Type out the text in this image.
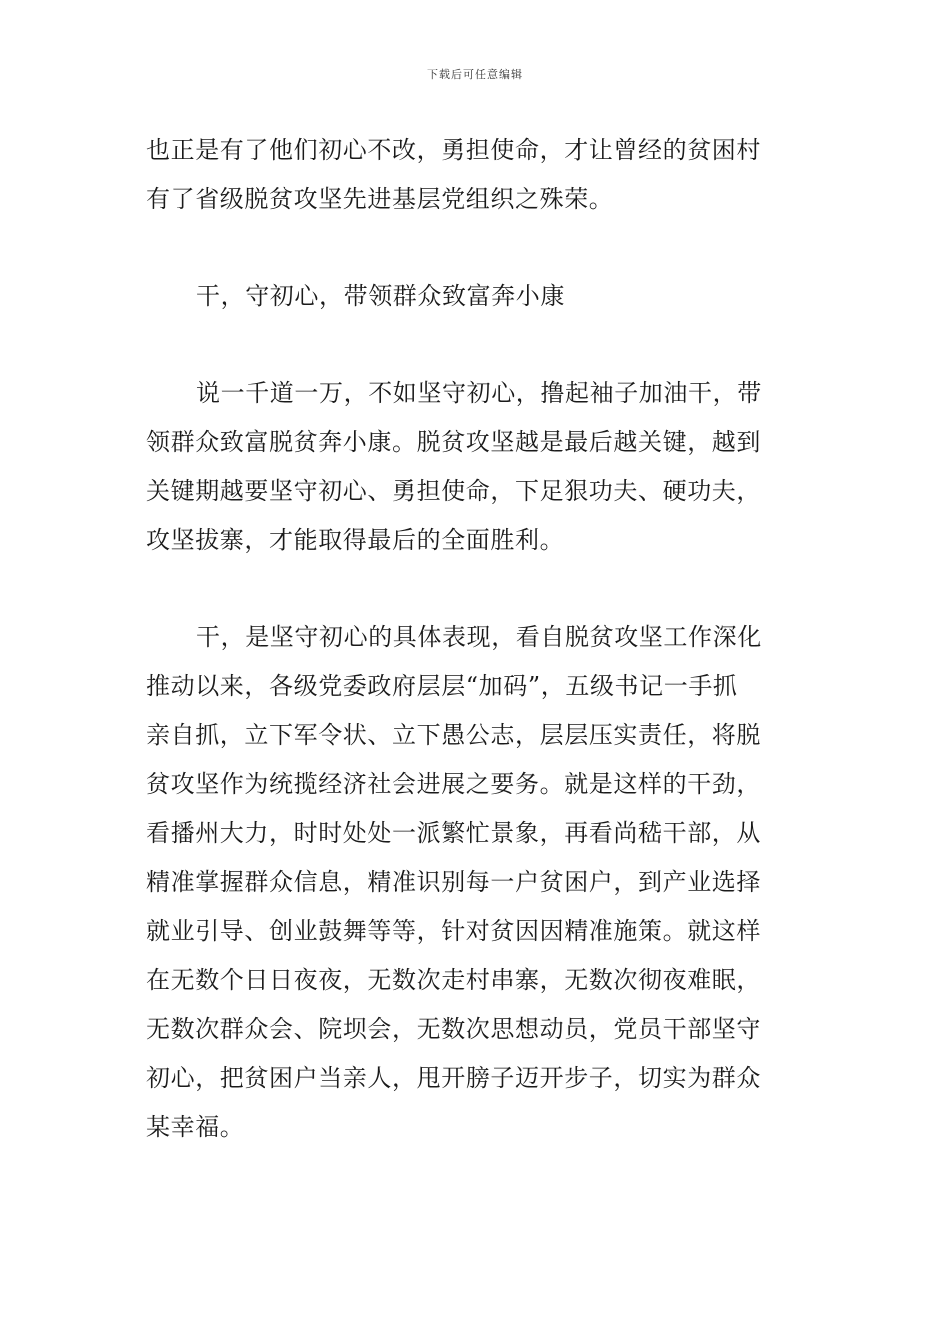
下载后可任意编辑
也正是有了他们初心不改，勇担使命，才让曾经的贫困村
有了省级脱贫攻坚先进基层党组织之殊荣。
干，守初心，带领群众致富奔小康
说一千道一万，不如坚守初心，撸起袖子加油干，带
领群众致富脱贫奔小康。脱贫攻坚越是最后越关键，越到
关键期越要坚守初心、勇担使命，下足狠功夫、硬功夫，
攻坚拔寨，才能取得最后的全面胜利。
干，是坚守初心的具体表现，看自脱贫攻坚工作深化
推动以来，各级党委政府层层“加码”，五级书记一手抓
亲自抓，立下军令状、立下愚公志，层层压实责任，将脱
贫攻坚作为统揽经济社会进展之要务。就是这样的干劲，
看播州大力，时时处处一派繁忙景象，再看尚嵇干部，从
精准掌握群众信息，精准识别每一户贫困户，到产业选择
就业引导、创业鼓舞等等，针对贫因因精准施策。就这样
在无数个日日夜夜，无数次走村串寨，无数次彻夜难眠，
无数次群众会、院坝会，无数次思想动员，党员干部坚守
初心，把贫困户当亲人，甩开膀子迈开步子，切实为群众
某幸福。
